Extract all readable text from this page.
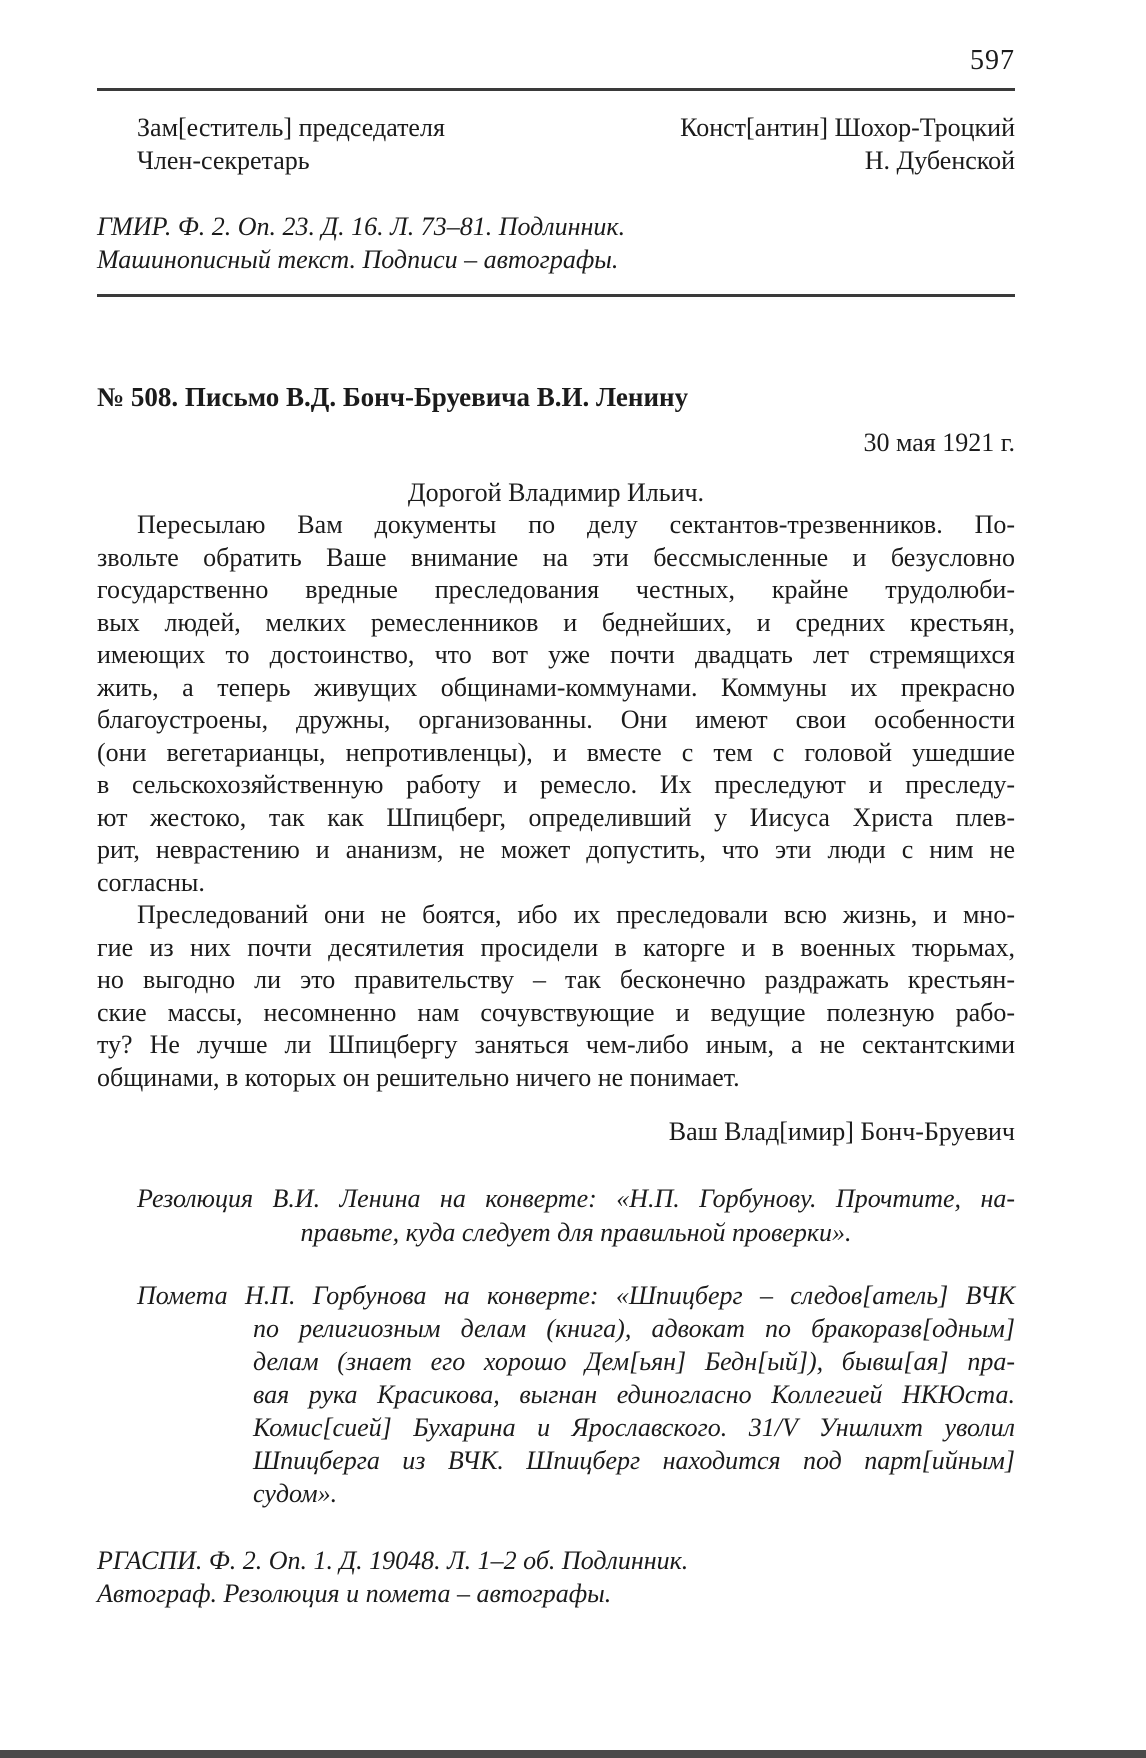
597
Зам[еститель] председателя
Член-секретарь
Конст[антин] Шохор-Троцкий
Н. Дубенской
ГМИР. Ф. 2. Оп. 23. Д. 16. Л. 73–81. Подлинник.
Машинописный текст. Подписи – автографы.
№ 508. Письмо В.Д. Бонч-Бруевича В.И. Ленину
30 мая 1921 г.
Дорогой Владимир Ильич.
Пересылаю Вам документы по делу сектантов-трезвенников. По-
звольте обратить Ваше внимание на эти бессмысленные и безусловно
государственно вредные преследования честных, крайне трудолюби-
вых людей, мелких ремесленников и беднейших, и средних крестьян,
имеющих то достоинство, что вот уже почти двадцать лет стремящихся
жить, а теперь живущих общинами-коммунами. Коммуны их прекрасно
благоустроены, дружны, организованны. Они имеют свои особенности
(они вегетарианцы, непротивленцы), и вместе с тем с головой ушедшие
в сельскохозяйственную работу и ремесло. Их преследуют и преследу-
ют жестоко, так как Шпицберг, определивший у Иисуса Христа плев-
рит, неврастению и ананизм, не может допустить, что эти люди с ним не
согласны.
Преследований они не боятся, ибо их преследовали всю жизнь, и мно-
гие из них почти десятилетия просидели в каторге и в военных тюрьмах,
но выгодно ли это правительству – так бесконечно раздражать крестьян-
ские массы, несомненно нам сочувствующие и ведущие полезную рабо-
ту? Не лучше ли Шпицбергу заняться чем-либо иным, а не сектантскими
общинами, в которых он решительно ничего не понимает.
Ваш Влад[имир] Бонч-Бруевич
Резолюция В.И. Ленина на конверте: «Н.П. Горбунову. Прочтите, на-
правьте, куда следует для правильной проверки».
Помета Н.П. Горбунова на конверте: «Шпицберг – следов[атель] ВЧК
по религиозным делам (книга), адвокат по бракоразв[одным]
делам (знает его хорошо Дем[ьян] Бедн[ый]), бывш[ая] пра-
вая рука Красикова, выгнан единогласно Коллегией НКЮста.
Комис[сией] Бухарина и Ярославского. 31/V Уншлихт уволил
Шпицберга из ВЧК. Шпицберг находится под парт[ийным]
судом».
РГАСПИ. Ф. 2. Оп. 1. Д. 19048. Л. 1–2 об. Подлинник.
Автограф. Резолюция и помета – автографы.
